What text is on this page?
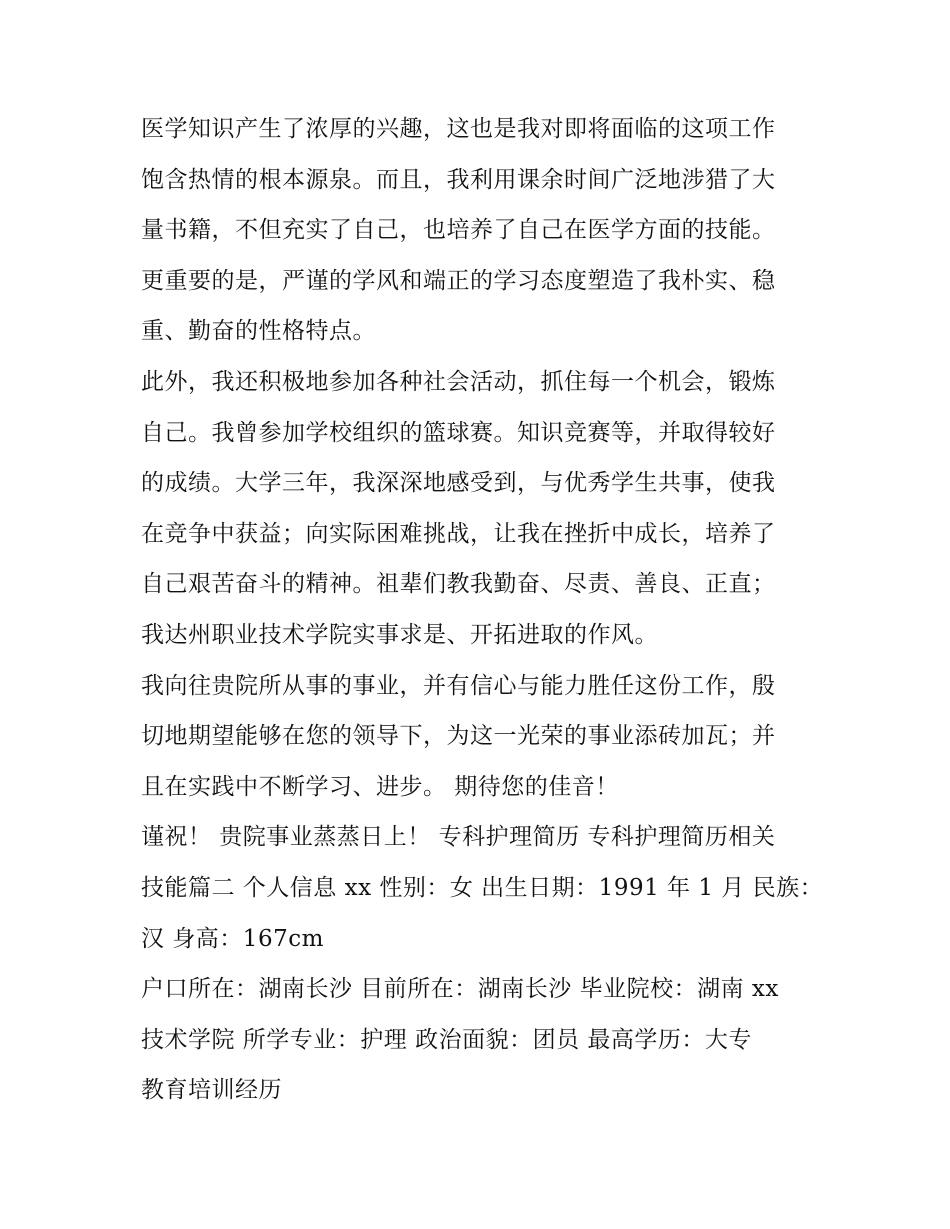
医学知识产生了浓厚的兴趣，这也是我对即将面临的这项工作

饱含热情的根本源泉。而且，我利用课余时间广泛地涉猎了大

量书籍，不但充实了自己，也培养了自己在医学方面的技能。

更重要的是，严谨的学风和端正的学习态度塑造了我朴实、稳

重、勤奋的性格特点。

此外，我还积极地参加各种社会活动，抓住每一个机会，锻炼

自己。我曾参加学校组织的篮球赛。知识竞赛等，并取得较好

的成绩。大学三年，我深深地感受到，与优秀学生共事，使我

在竞争中获益；向实际困难挑战，让我在挫折中成长，培养了

自己艰苦奋斗的精神。祖辈们教我勤奋、尽责、善良、正直；

我达州职业技术学院实事求是、开拓进取的作风。

我向往贵院所从事的事业，并有信心与能力胜任这份工作，殷

切地期望能够在您的领导下，为这一光荣的事业添砖加瓦；并

且在实践中不断学习、进步。 期待您的佳音！

谨祝！ 贵院事业蒸蒸日上！ 专科护理简历 专科护理简历相关

技能篇二 个人信息 xx 性别：女 出生日期：1991 年 1 月 民族：

汉 身高：167cm

户口所在：湖南长沙 目前所在：湖南长沙 毕业院校：湖南 xx

技术学院 所学专业：护理 政治面貌：团员 最高学历：大专

教育培训经历
